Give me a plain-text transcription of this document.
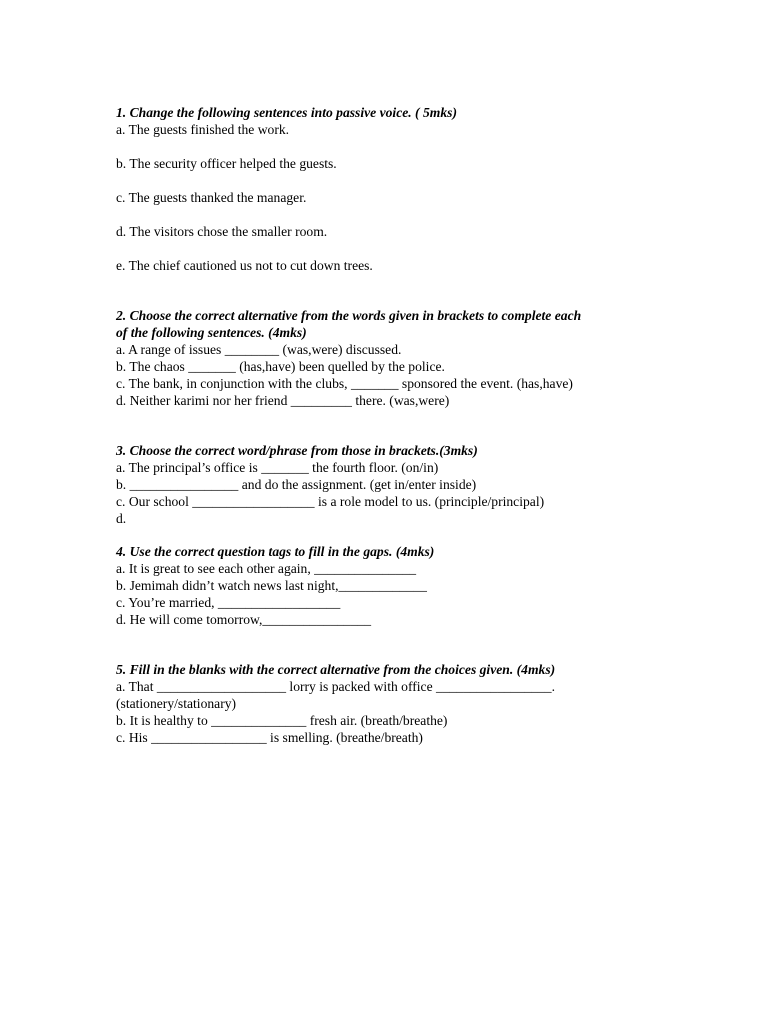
1. Change the following sentences into passive voice. ( 5mks)

a. The guests finished the work.

b. The security officer helped the guests.

c. The guests thanked the manager.

d. The visitors chose the smaller room.

e. The chief cautioned us not to cut down trees.

2. Choose the correct alternative from the words given in brackets to complete each

of the following sentences. (4mks)

a. A range of issues ________ (was,were) discussed.

b. The chaos _______ (has,have) been quelled by the police.

c. The bank, in conjunction with the clubs, _______ sponsored the event. (has,have)

d. Neither karimi nor her friend _________ there. (was,were)

3. Choose the correct word/phrase from those in brackets.(3mks)

a. The principal’s office is _______ the fourth floor. (on/in)

b. ________________ and do the assignment. (get in/enter inside)

c. Our school __________________ is a role model to us. (principle/principal)

d.

4. Use the correct question tags to fill in the gaps. (4mks)

a. It is great to see each other again, _______________

b. Jemimah didn’t watch news last night,_____________

c. You’re married, __________________

d. He will come tomorrow,________________

5. Fill in the blanks with the correct alternative from the choices given. (4mks)

a. That ___________________ lorry is packed with office _________________.

(stationery/stationary)

b. It is healthy to ______________ fresh air. (breath/breathe)

c. His _________________ is smelling. (breathe/breath)
